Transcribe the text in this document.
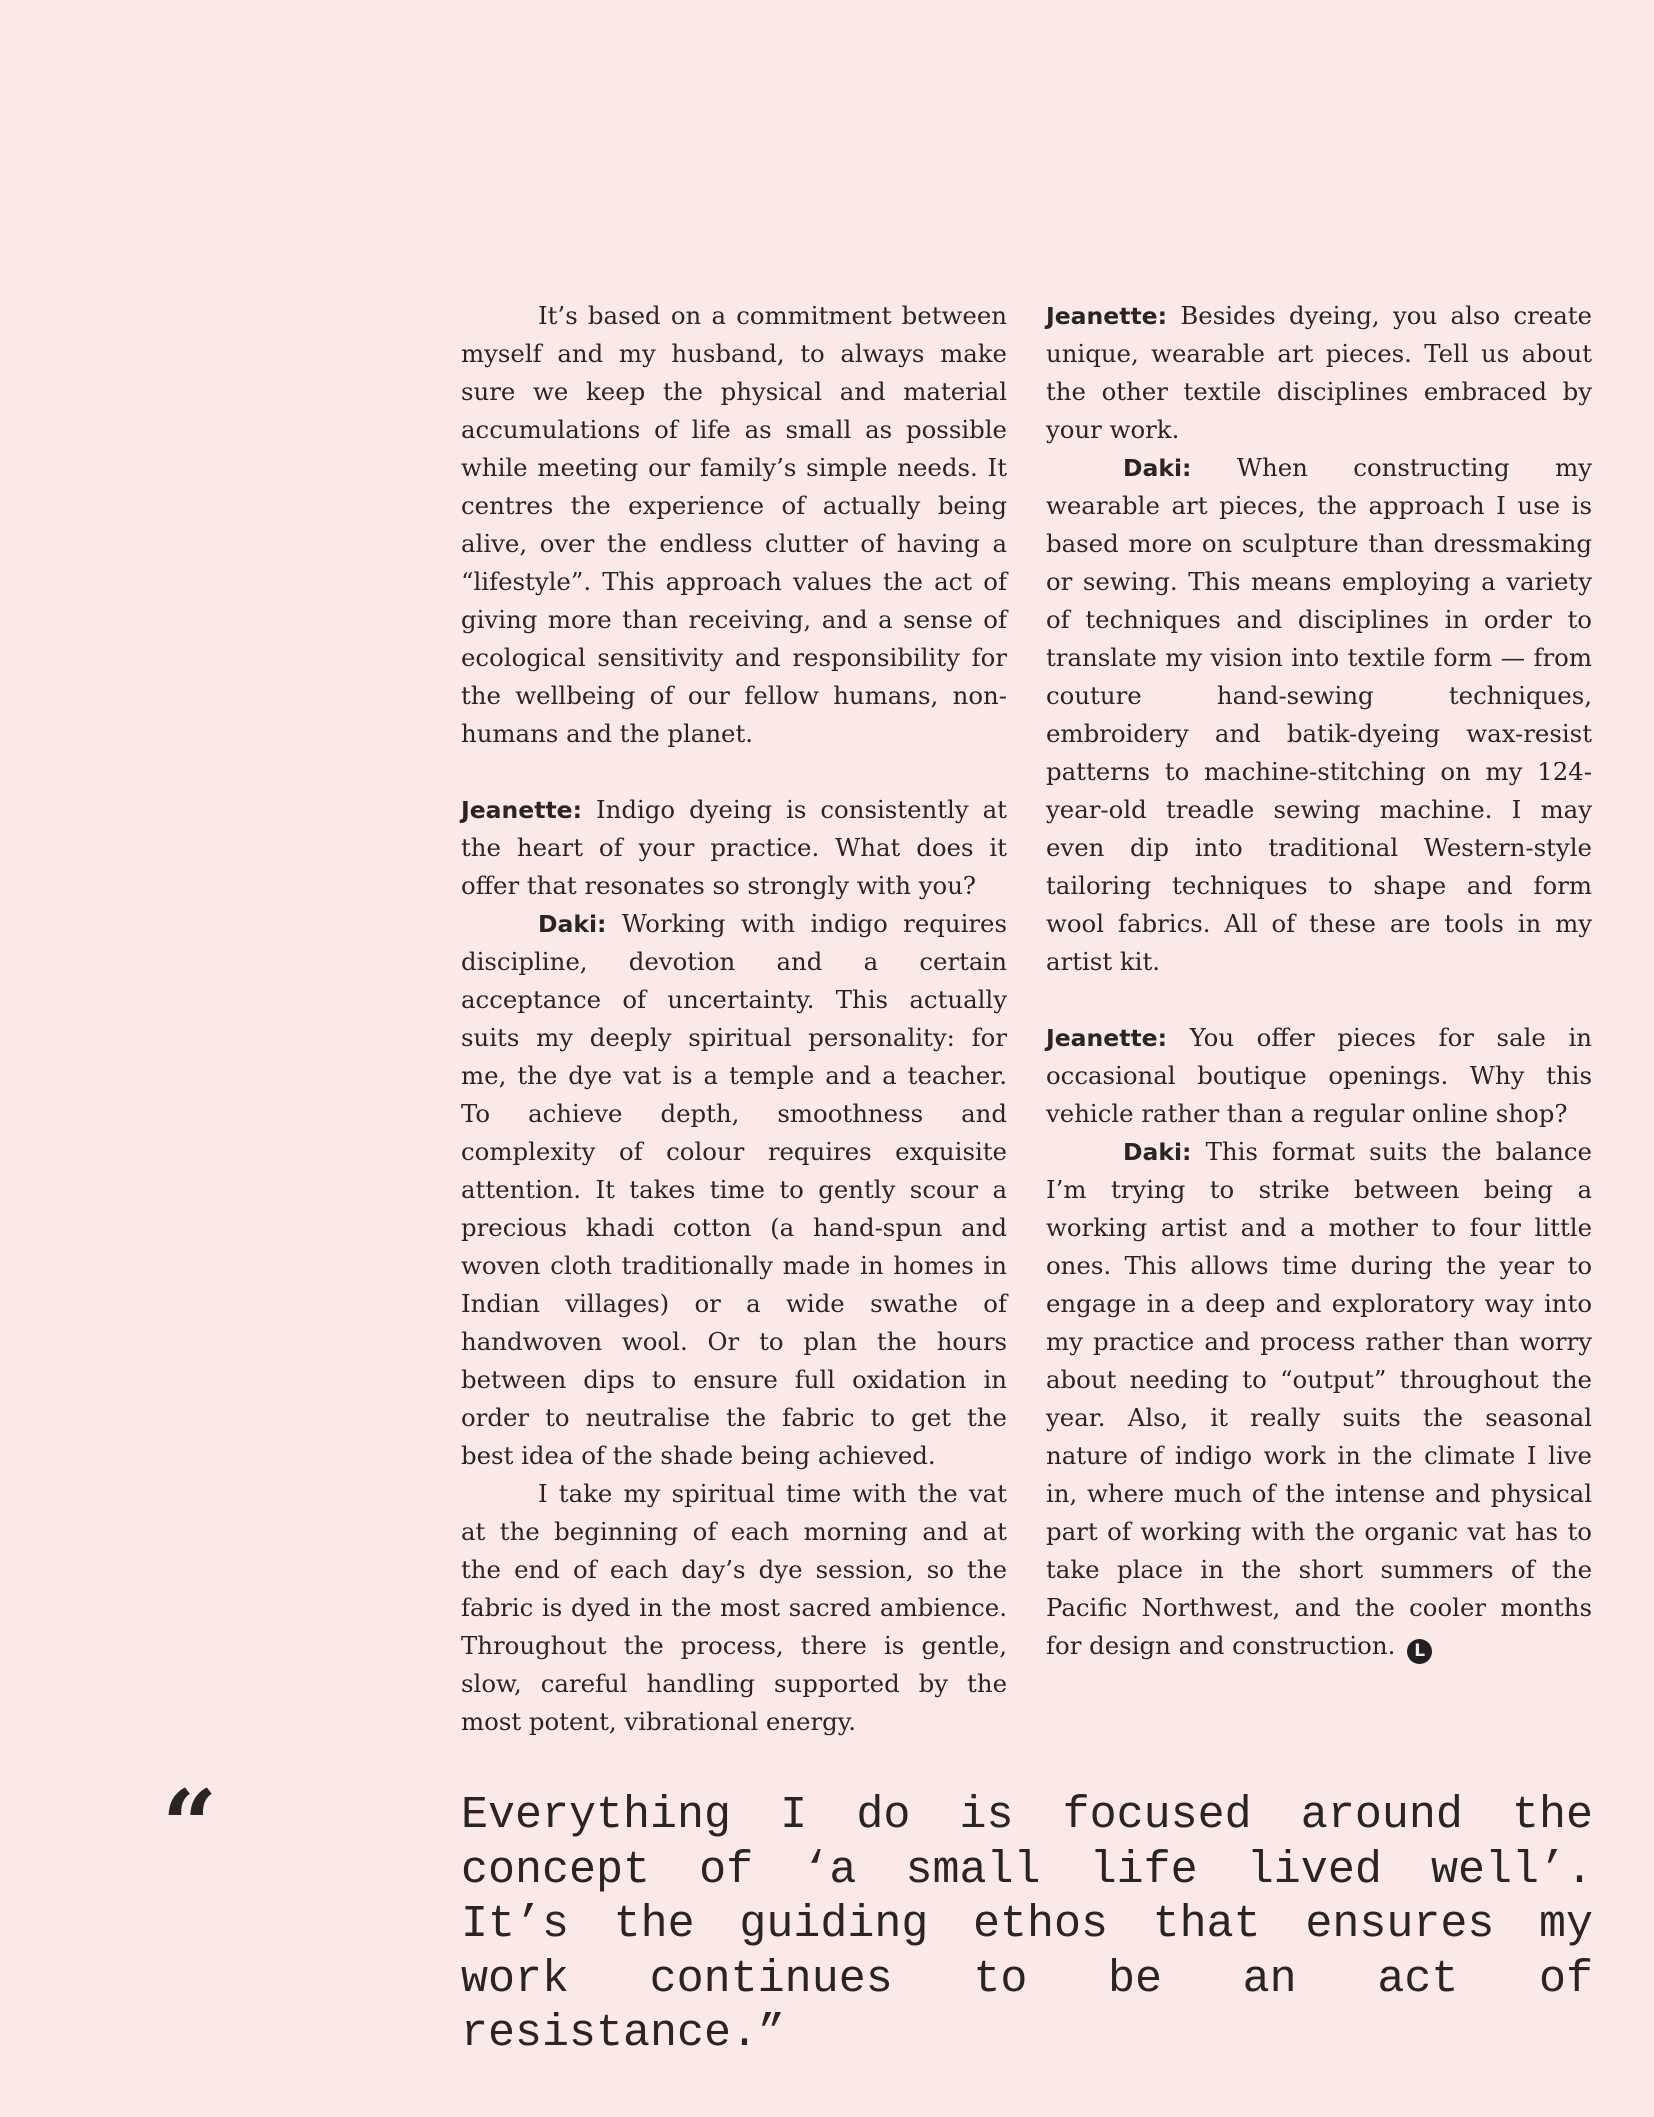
It’s based on a commitment between myself and my husband, to always make sure we keep the physical and material accumulations of life as small as possible while meeting our family’s simple needs. It centres the experience of actually being alive, over the endless clutter of having a “lifestyle”. This approach values the act of giving more than receiving, and a sense of ecological sensitivity and responsibility for the wellbeing of our fellow humans, non-humans and the planet.

Jeanette: Indigo dyeing is consistently at the heart of your practice. What does it offer that resonates so strongly with you?

Daki: Working with indigo requires discipline, devotion and a certain acceptance of uncertainty. This actually suits my deeply spiritual personality: for me, the dye vat is a temple and a teacher. To achieve depth, smoothness and complexity of colour requires exquisite attention. It takes time to gently scour a precious khadi cotton (a hand-spun and woven cloth traditionally made in homes in Indian villages) or a wide swathe of handwoven wool. Or to plan the hours between dips to ensure full oxidation in order to neutralise the fabric to get the best idea of the shade being achieved.

I take my spiritual time with the vat at the beginning of each morning and at the end of each day’s dye session, so the fabric is dyed in the most sacred ambience. Throughout the process, there is gentle, slow, careful handling supported by the most potent, vibrational energy.

Jeanette: Besides dyeing, you also create unique, wearable art pieces. Tell us about the other textile disciplines embraced by your work.

Daki: When constructing my wearable art pieces, the approach I use is based more on sculpture than dressmaking or sewing. This means employing a variety of techniques and disciplines in order to translate my vision into textile form — from couture hand-sewing techniques, embroidery and batik-dyeing wax-resist patterns to machine-stitching on my 124-year-old treadle sewing machine. I may even dip into traditional Western-style tailoring techniques to shape and form wool fabrics. All of these are tools in my artist kit.

Jeanette: You offer pieces for sale in occasional boutique openings. Why this vehicle rather than a regular online shop?

Daki: This format suits the balance I’m trying to strike between being a working artist and a mother to four little ones. This allows time during the year to engage in a deep and exploratory way into my practice and process rather than worry about needing to “output” throughout the year. Also, it really suits the seasonal nature of indigo work in the climate I live in, where much of the intense and physical part of working with the organic vat has to take place in the short summers of the Pacific Northwest, and the cooler months for design and construction. L

“	Everything I do is focused around the concept of ‘a small life lived well’. It’s the guiding ethos that ensures my work continues to be an act of resistance.”
